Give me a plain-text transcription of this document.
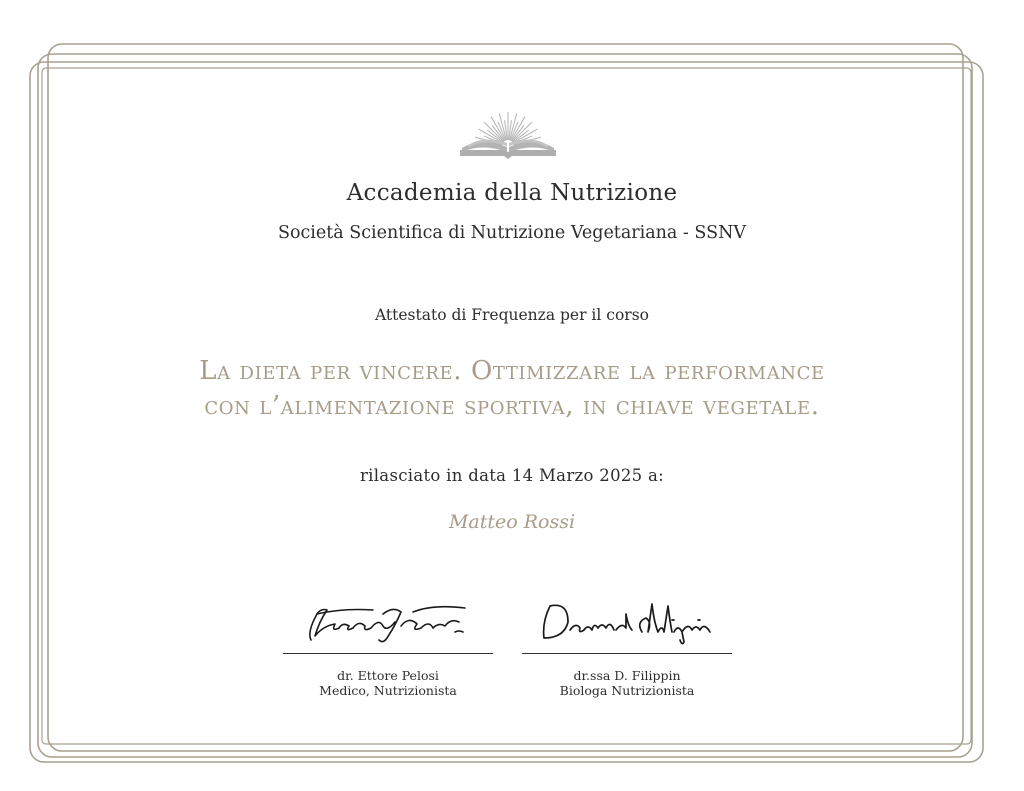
Accademia della Nutrizione
Società Scientifica di Nutrizione Vegetariana - SSNV
Attestato di Frequenza per il corso
La dieta per vincere. Ottimizzare la performance
con l’alimentazione sportiva, in chiave vegetale.
rilasciato in data 14 Marzo 2025 a:
Matteo Rossi
dr. Ettore Pelosi
Medico, Nutrizionista
dr.ssa D. Filippin
Biologa Nutrizionista
